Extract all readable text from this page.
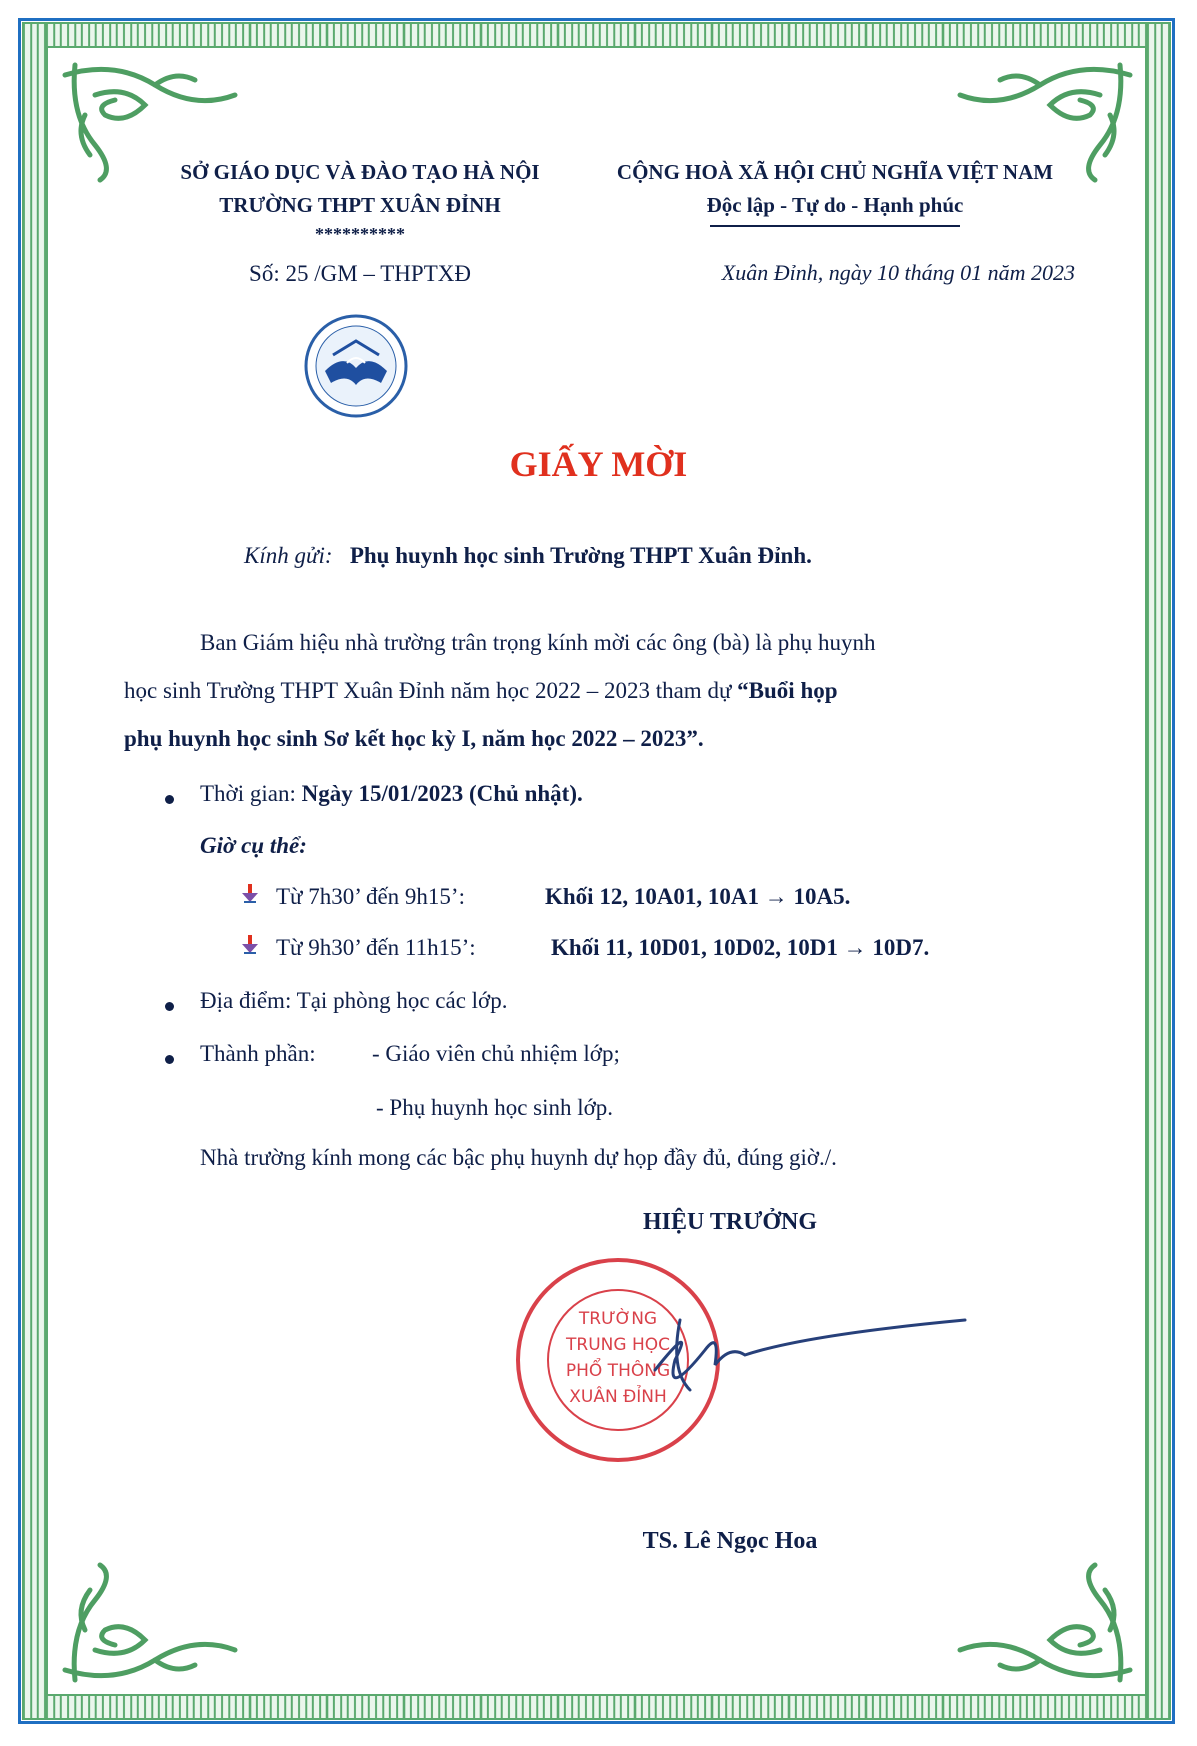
SỞ GIÁO DỤC VÀ ĐÀO TẠO HÀ NỘI
TRƯỜNG THPT XUÂN ĐỈNH
**********
Số: 25 /GM – THPTXĐ
CỘNG HOÀ XÃ HỘI CHỦ NGHĨA VIỆT NAM
Độc lập - Tự do - Hạnh phúc
Xuân Đỉnh, ngày 10 tháng 01 năm 2023
GIẤY MỜI
Kính gửi: Phụ huynh học sinh Trường THPT Xuân Đỉnh.
Ban Giám hiệu nhà trường trân trọng kính mời các ông (bà) là phụ huynh
học sinh Trường THPT Xuân Đỉnh năm học 2022 – 2023 tham dự “Buổi họp
phụ huynh học sinh Sơ kết học kỳ I, năm học 2022 – 2023”.
Thời gian: Ngày 15/01/2023 (Chủ nhật).
Giờ cụ thể:
Từ 7h30’ đến 9h15’:	Khối 12, 10A01, 10A1 → 10A5.
Từ 9h30’ đến 11h15’:	Khối 11, 10D01, 10D02, 10D1 → 10D7.
Địa điểm: Tại phòng học các lớp.
Thành phần: - Giáo viên chủ nhiệm lớp;
- Phụ huynh học sinh lớp.
Nhà trường kính mong các bậc phụ huynh dự họp đầy đủ, đúng giờ./.
HIỆU TRƯỞNG
TRƯỜNG
TRUNG HỌC
PHỔ THÔNG
XUÂN ĐỈNH
TS. Lê Ngọc Hoa
